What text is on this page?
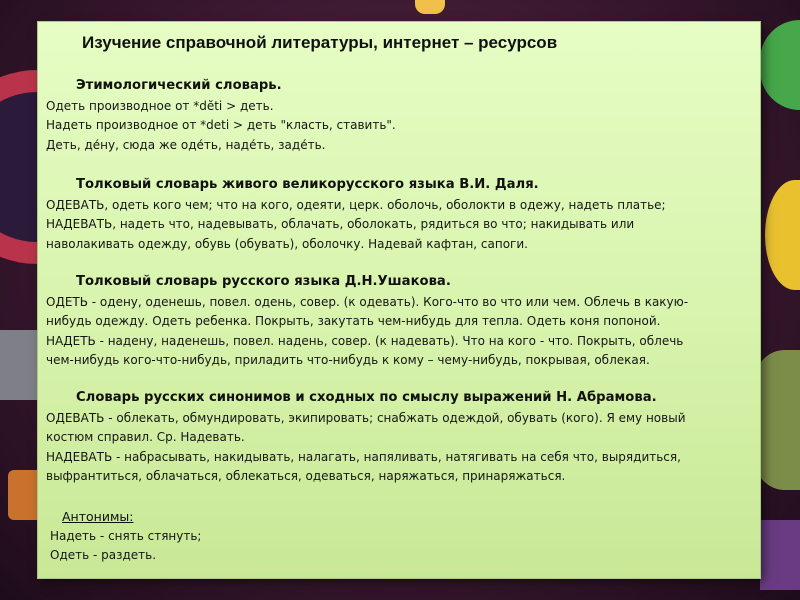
Изучение справочной литературы, интернет – ресурсов

Этимологический словарь.

Одеть производное от *dĕti > деть.

Надеть производное от *deti > деть "класть, ставить".

Деть, де́ну, сюда же оде́ть, наде́ть, заде́ть.

Толковый словарь живого великорусского языка В.И. Даля.

ОДЕВАТЬ, одеть кого чем; что на кого, одеяти, церк. оболочь, оболокти в одежу, надеть платье;

НАДЕВАТЬ, надеть что, надевывать, облачать, оболокать, рядиться во что; накидывать или

наволакивать одежду, обувь (обувать), оболочку. Надевай кафтан, сапоги.

Толковый словарь русского языка Д.Н.Ушакова.

ОДЕТЬ - одену, оденешь, повел. одень, совер. (к одевать). Кого-что во что или чем. Облечь в какую-

нибудь одежду. Одеть ребенка. Покрыть, закутать чем-нибудь для тепла. Одеть коня попоной.

НАДЕТЬ - надену, наденешь, повел. надень, совер. (к надевать). Что на кого - что. Покрыть, облечь

чем-нибудь кого-что-нибудь, приладить что-нибудь к кому – чему-нибудь, покрывая, облекая.

Словарь русских синонимов и сходных по смыслу выражений Н. Абрамова.

ОДЕВАТЬ - облекать, обмундировать, экипировать; снабжать одеждой, обувать (кого). Я ему новый

костюм справил. Ср. Надевать.

НАДЕВАТЬ - набрасывать, накидывать, налагать, напяливать, натягивать на себя что, вырядиться,

выфрантиться, облачаться, облекаться, одеваться, наряжаться, принаряжаться.

Антонимы:

Надеть - снять стянуть;

Одеть - раздеть.
